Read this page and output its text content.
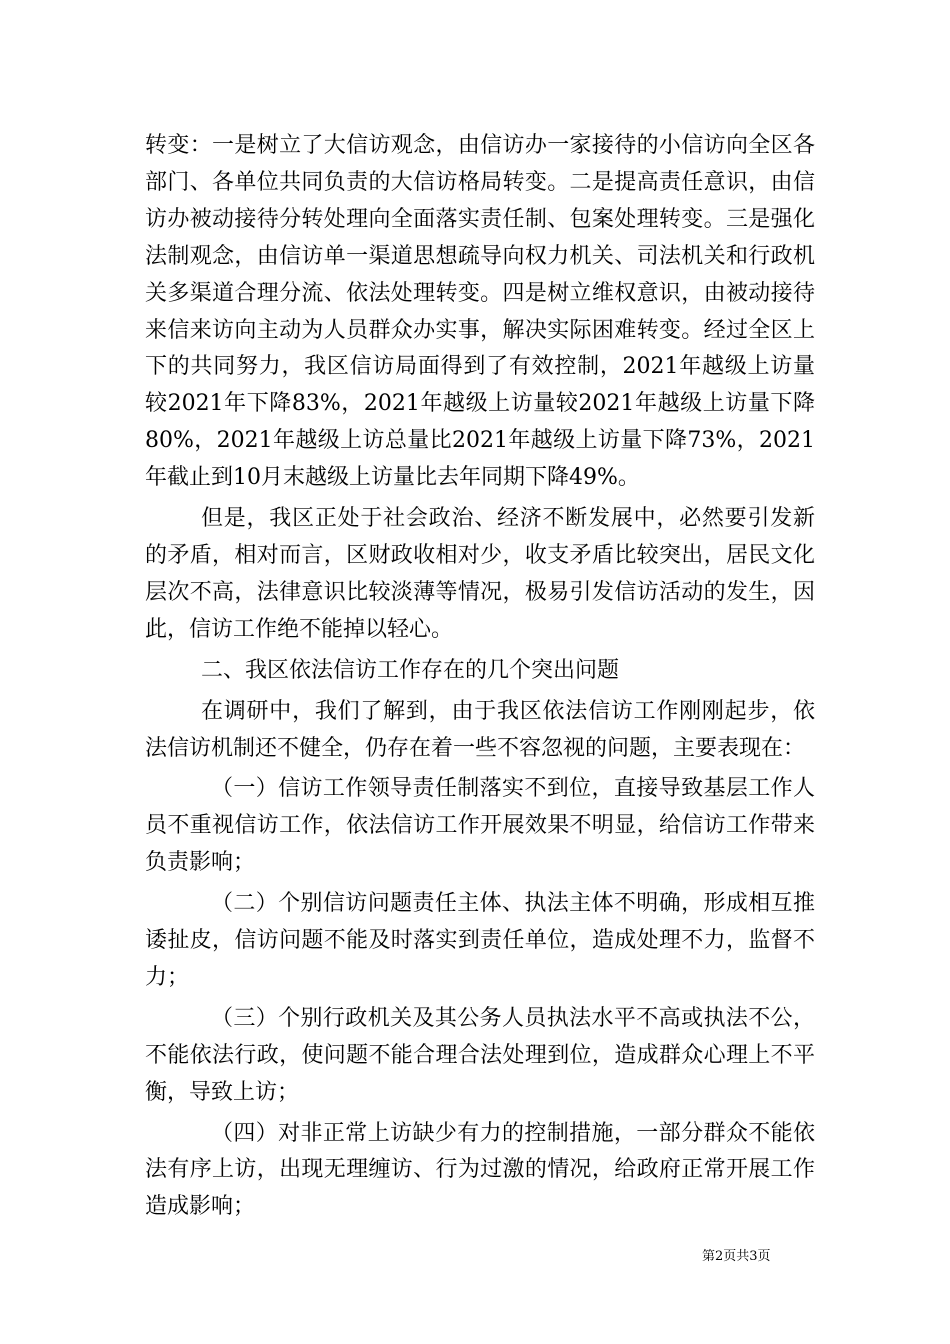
转变：一是树立了大信访观念，由信访办一家接待的小信访向全区各部门、各单位共同负责的大信访格局转变。二是提高责任意识，由信访办被动接待分转处理向全面落实责任制、包案处理转变。三是强化法制观念，由信访单一渠道思想疏导向权力机关、司法机关和行政机关多渠道合理分流、依法处理转变。四是树立维权意识，由被动接待来信来访向主动为人员群众办实事，解决实际困难转变。经过全区上下的共同努力，我区信访局面得到了有效控制，2021年越级上访量较2021年下降83%，2021年越级上访量较2021年越级上访量下降80%，2021年越级上访总量比2021年越级上访量下降73%，2021年截止到10月末越级上访量比去年同期下降49%。

但是，我区正处于社会政治、经济不断发展中，必然要引发新的矛盾，相对而言，区财政收相对少，收支矛盾比较突出，居民文化层次不高，法律意识比较淡薄等情况，极易引发信访活动的发生，因此，信访工作绝不能掉以轻心。

二、我区依法信访工作存在的几个突出问题

在调研中，我们了解到，由于我区依法信访工作刚刚起步，依法信访机制还不健全，仍存在着一些不容忽视的问题，主要表现在：

（一）信访工作领导责任制落实不到位，直接导致基层工作人员不重视信访工作，依法信访工作开展效果不明显，给信访工作带来负责影响；

（二）个别信访问题责任主体、执法主体不明确，形成相互推诿扯皮，信访问题不能及时落实到责任单位，造成处理不力，监督不力；

（三）个别行政机关及其公务人员执法水平不高或执法不公，不能依法行政，使问题不能合理合法处理到位，造成群众心理上不平衡，导致上访；

（四）对非正常上访缺少有力的控制措施，一部分群众不能依法有序上访，出现无理缠访、行为过激的情况，给政府正常开展工作造成影响；

第2页共3页
